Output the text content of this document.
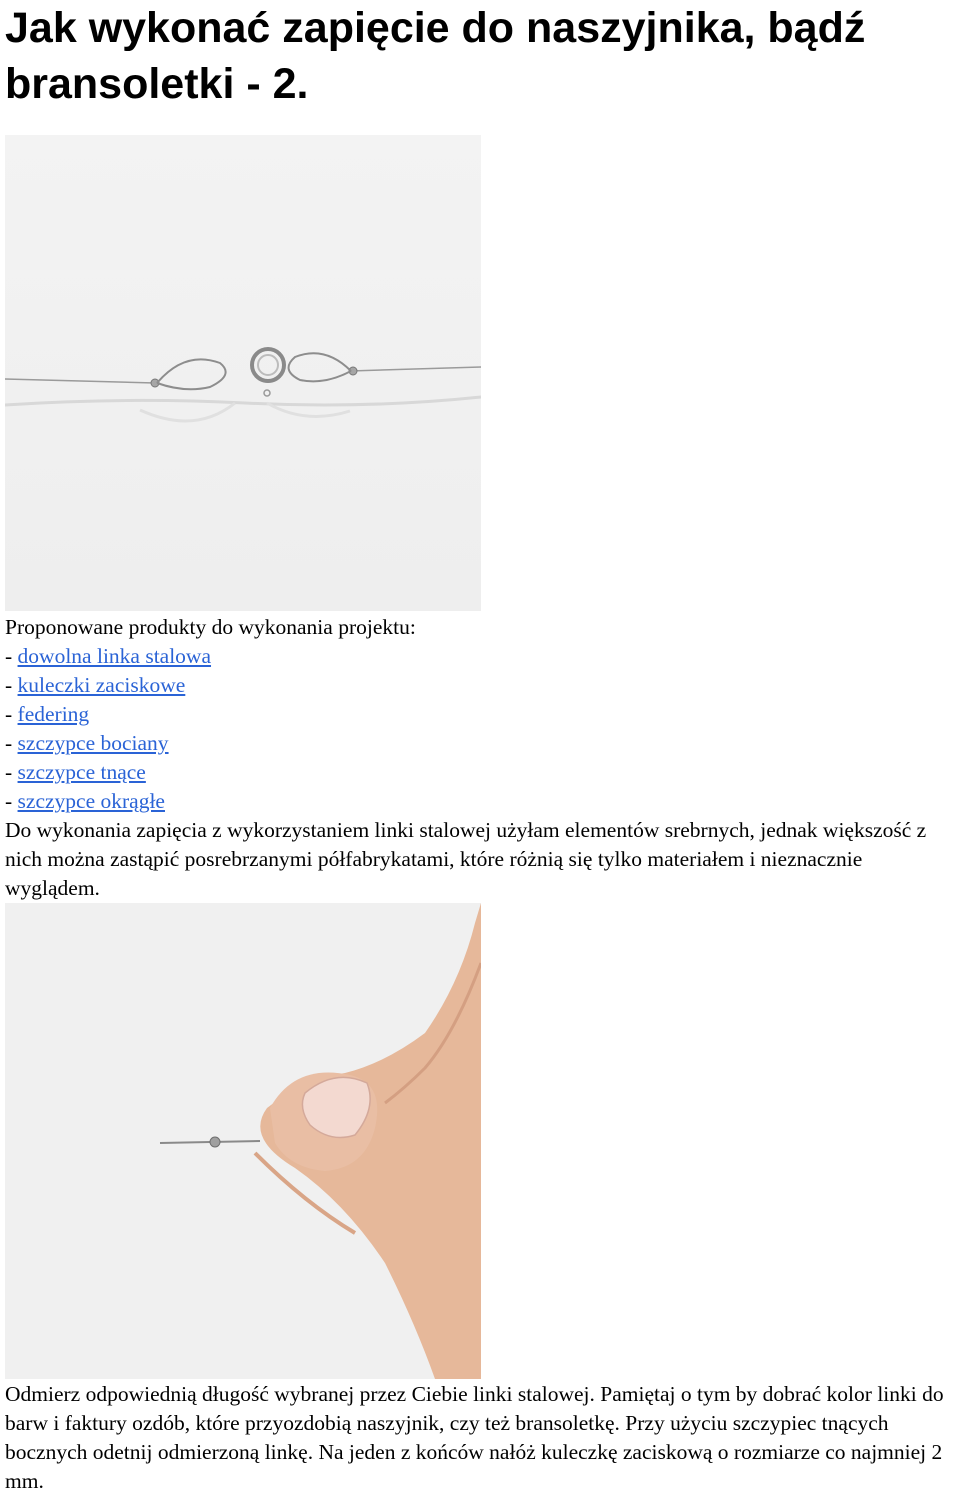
Jak wykonać zapięcie do naszyjnika, bądź bransoletki - 2.
Proponowane produkty do wykonania projektu:
- dowolna linka stalowa
- kuleczki zaciskowe
- federing
- szczypce bociany
- szczypce tnące
- szczypce okrągłe

Do wykonania zapięcia z wykorzystaniem linki stalowej użyłam elementów srebrnych, jednak większość z nich można zastąpić posrebrzanymi półfabrykatami, które różnią się tylko materiałem i nieznacznie wyglądem.

Odmierz odpowiednią długość wybranej przez Ciebie linki stalowej. Pamiętaj o tym by dobrać kolor linki do barw i faktury ozdób, które przyozdobią naszyjnik, czy też bransoletkę. Przy użyciu szczypiec tnących bocznych odetnij odmierzoną linkę. Na jeden z końców nałóż kuleczkę zaciskową o rozmiarze co najmniej 2 mm.
